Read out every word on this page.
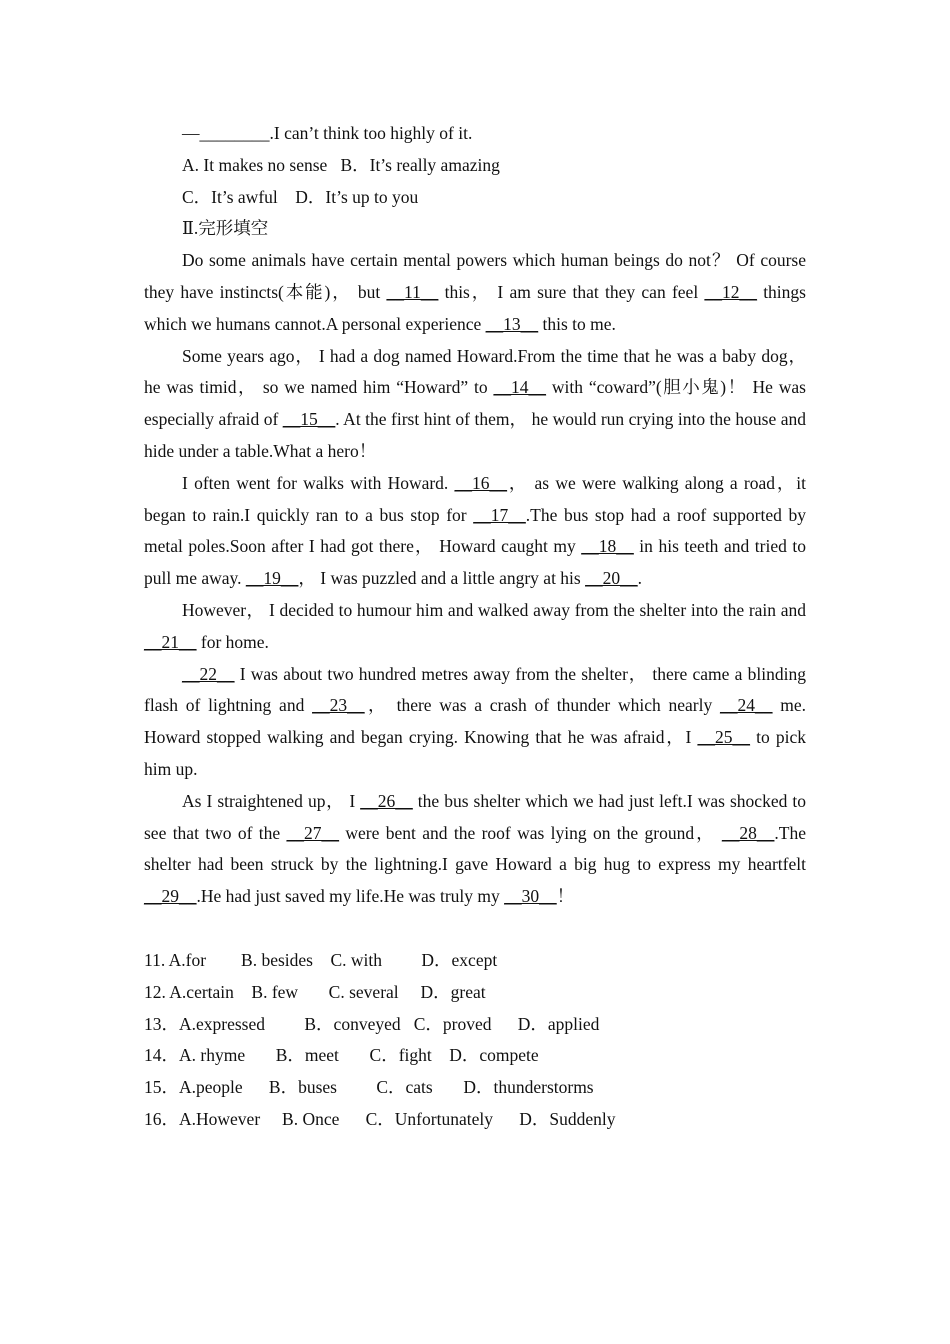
—________.I can’t think too highly of it.
A. It makes no sense   B．It’s really amazing
C．It’s awful    D．It’s up to you
Ⅱ.完形填空
Do some animals have certain mental powers which human beings do not？ Of course they have instincts(本能)， but __11__ this， I am sure that they can feel __12__ things which we humans cannot.A personal experience __13__ this to me.
Some years ago， I had a dog named Howard.From the time that he was a baby dog， he was timid， so we named him “Howard” to __14__ with “coward”(胆小鬼)！ He was especially afraid of __15__. At the first hint of them， he would run crying into the house and hide under a table.What a hero！
I often went for walks with Howard. __16__， as we were walking along a road，it began to rain.I quickly ran to a bus stop for __17__.The bus stop had a roof supported by metal poles.Soon after I had got there， Howard caught my __18__ in his teeth and tried to pull me away. __19__， I was puzzled and a little angry at his __20__.
However， I decided to humour him and walked away from the shelter into the rain and __21__ for home.
__22__ I was about two hundred metres away from the shelter， there came a blinding flash of lightning and __23__， there was a crash of thunder which nearly __24__ me. Howard stopped walking and began crying. Knowing that he was afraid，I __25__ to pick him up.
As I straightened up， I __26__ the bus shelter which we had just left.I was shocked to see that two of the __27__ were bent and the roof was lying on the ground， __28__.The shelter had been struck by the lightning.I gave Howard a big hug to express my heartfelt __29__.He had just saved my life.He was truly my __30__！
11. A.for        B. besides    C. with         D．except
12. A.certain    B. few       C. several     D．great
13．A.expressed         B．conveyed   C．proved      D．applied
14．A. rhyme       B．meet       C．fight    D．compete
15．A.people      B．buses         C．cats       D．thunderstorms
16．A.However     B. Once      C．Unfortunately      D．Suddenly
